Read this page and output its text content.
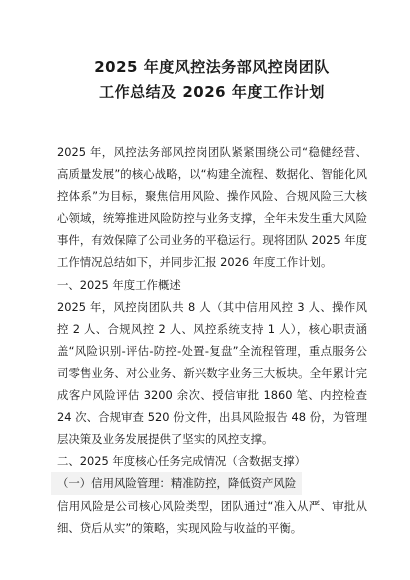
2025 年度风控法务部风控岗团队
工作总结及 2026 年度工作计划

2025 年，风控法务部风控岗团队紧紧围绕公司“稳健经营、高质量发展”的核心战略，以“构建全流程、数据化、智能化风控体系”为目标，聚焦信用风险、操作风险、合规风险三大核心领域，统筹推进风险防控与业务支撑，全年未发生重大风险事件，有效保障了公司业务的平稳运行。现将团队 2025 年度工作情况总结如下，并同步汇报 2026 年度工作计划。

一、2025 年度工作概述

2025 年，风控岗团队共 8 人（其中信用风控 3 人、操作风控 2 人、合规风控 2 人、风控系统支持 1 人），核心职责涵盖“风险识别-评估-防控-处置-复盘”全流程管理，重点服务公司零售业务、对公业务、新兴数字业务三大板块。全年累计完成客户风险评估 3200 余次、授信审批 1860 笔、内控检查 24 次、合规审查 520 份文件，出具风险报告 48 份，为管理层决策及业务发展提供了坚实的风控支撑。

二、2025 年度核心任务完成情况（含数据支撑）

（一）信用风险管理：精准防控，降低资产风险

信用风险是公司核心风险类型，团队通过“准入从严、审批从细、贷后从实”的策略，实现风险与收益的平衡。
